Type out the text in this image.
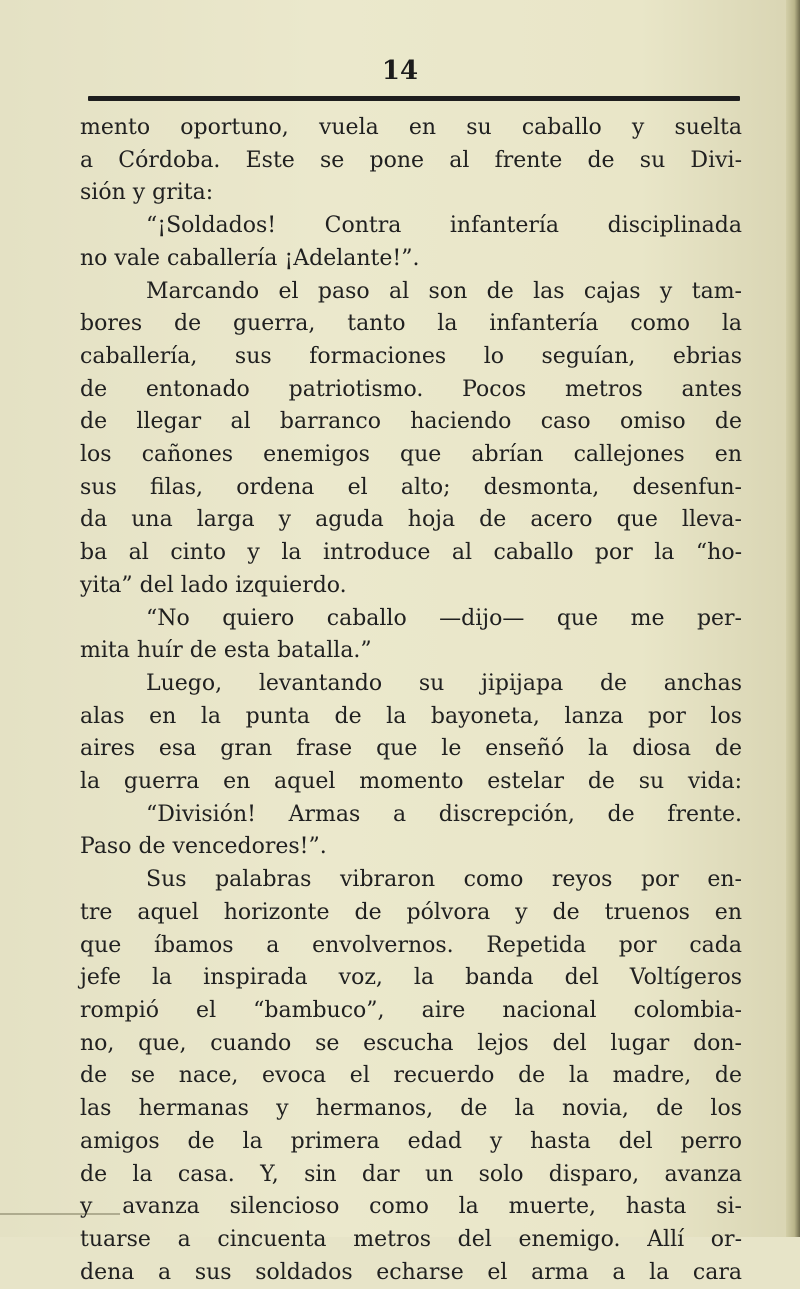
14
mento oportuno, vuela en su caballo y suelta
a Córdoba. Este se pone al frente de su Divi-
sión y grita:
“¡Soldados! Contra infantería disciplinada
no vale caballería ¡Adelante!”.
Marcando el paso al son de las cajas y tam-
bores de guerra, tanto la infantería como la
caballería, sus formaciones lo seguían, ebrias
de entonado patriotismo. Pocos metros antes
de llegar al barranco haciendo caso omiso de
los cañones enemigos que abrían callejones en
sus filas, ordena el alto; desmonta, desenfun-
da una larga y aguda hoja de acero que lleva-
ba al cinto y la introduce al caballo por la “ho-
yita” del lado izquierdo.
“No quiero caballo —dijo— que me per-
mita huír de esta batalla.”
Luego, levantando su jipijapa de anchas
alas en la punta de la bayoneta, lanza por los
aires esa gran frase que le enseñó la diosa de
la guerra en aquel momento estelar de su vida:
“División! Armas a discrepción, de frente.
Paso de vencedores!”.
Sus palabras vibraron como reyos por en-
tre aquel horizonte de pólvora y de truenos en
que íbamos a envolvernos. Repetida por cada
jefe la inspirada voz, la banda del Voltígeros
rompió el “bambuco”, aire nacional colombia-
no, que, cuando se escucha lejos del lugar don-
de se nace, evoca el recuerdo de la madre, de
las hermanas y hermanos, de la novia, de los
amigos de la primera edad y hasta del perro
de la casa. Y, sin dar un solo disparo, avanza
y avanza silencioso como la muerte, hasta si-
tuarse a cincuenta metros del enemigo. Allí or-
dena a sus soldados echarse el arma a la cara
